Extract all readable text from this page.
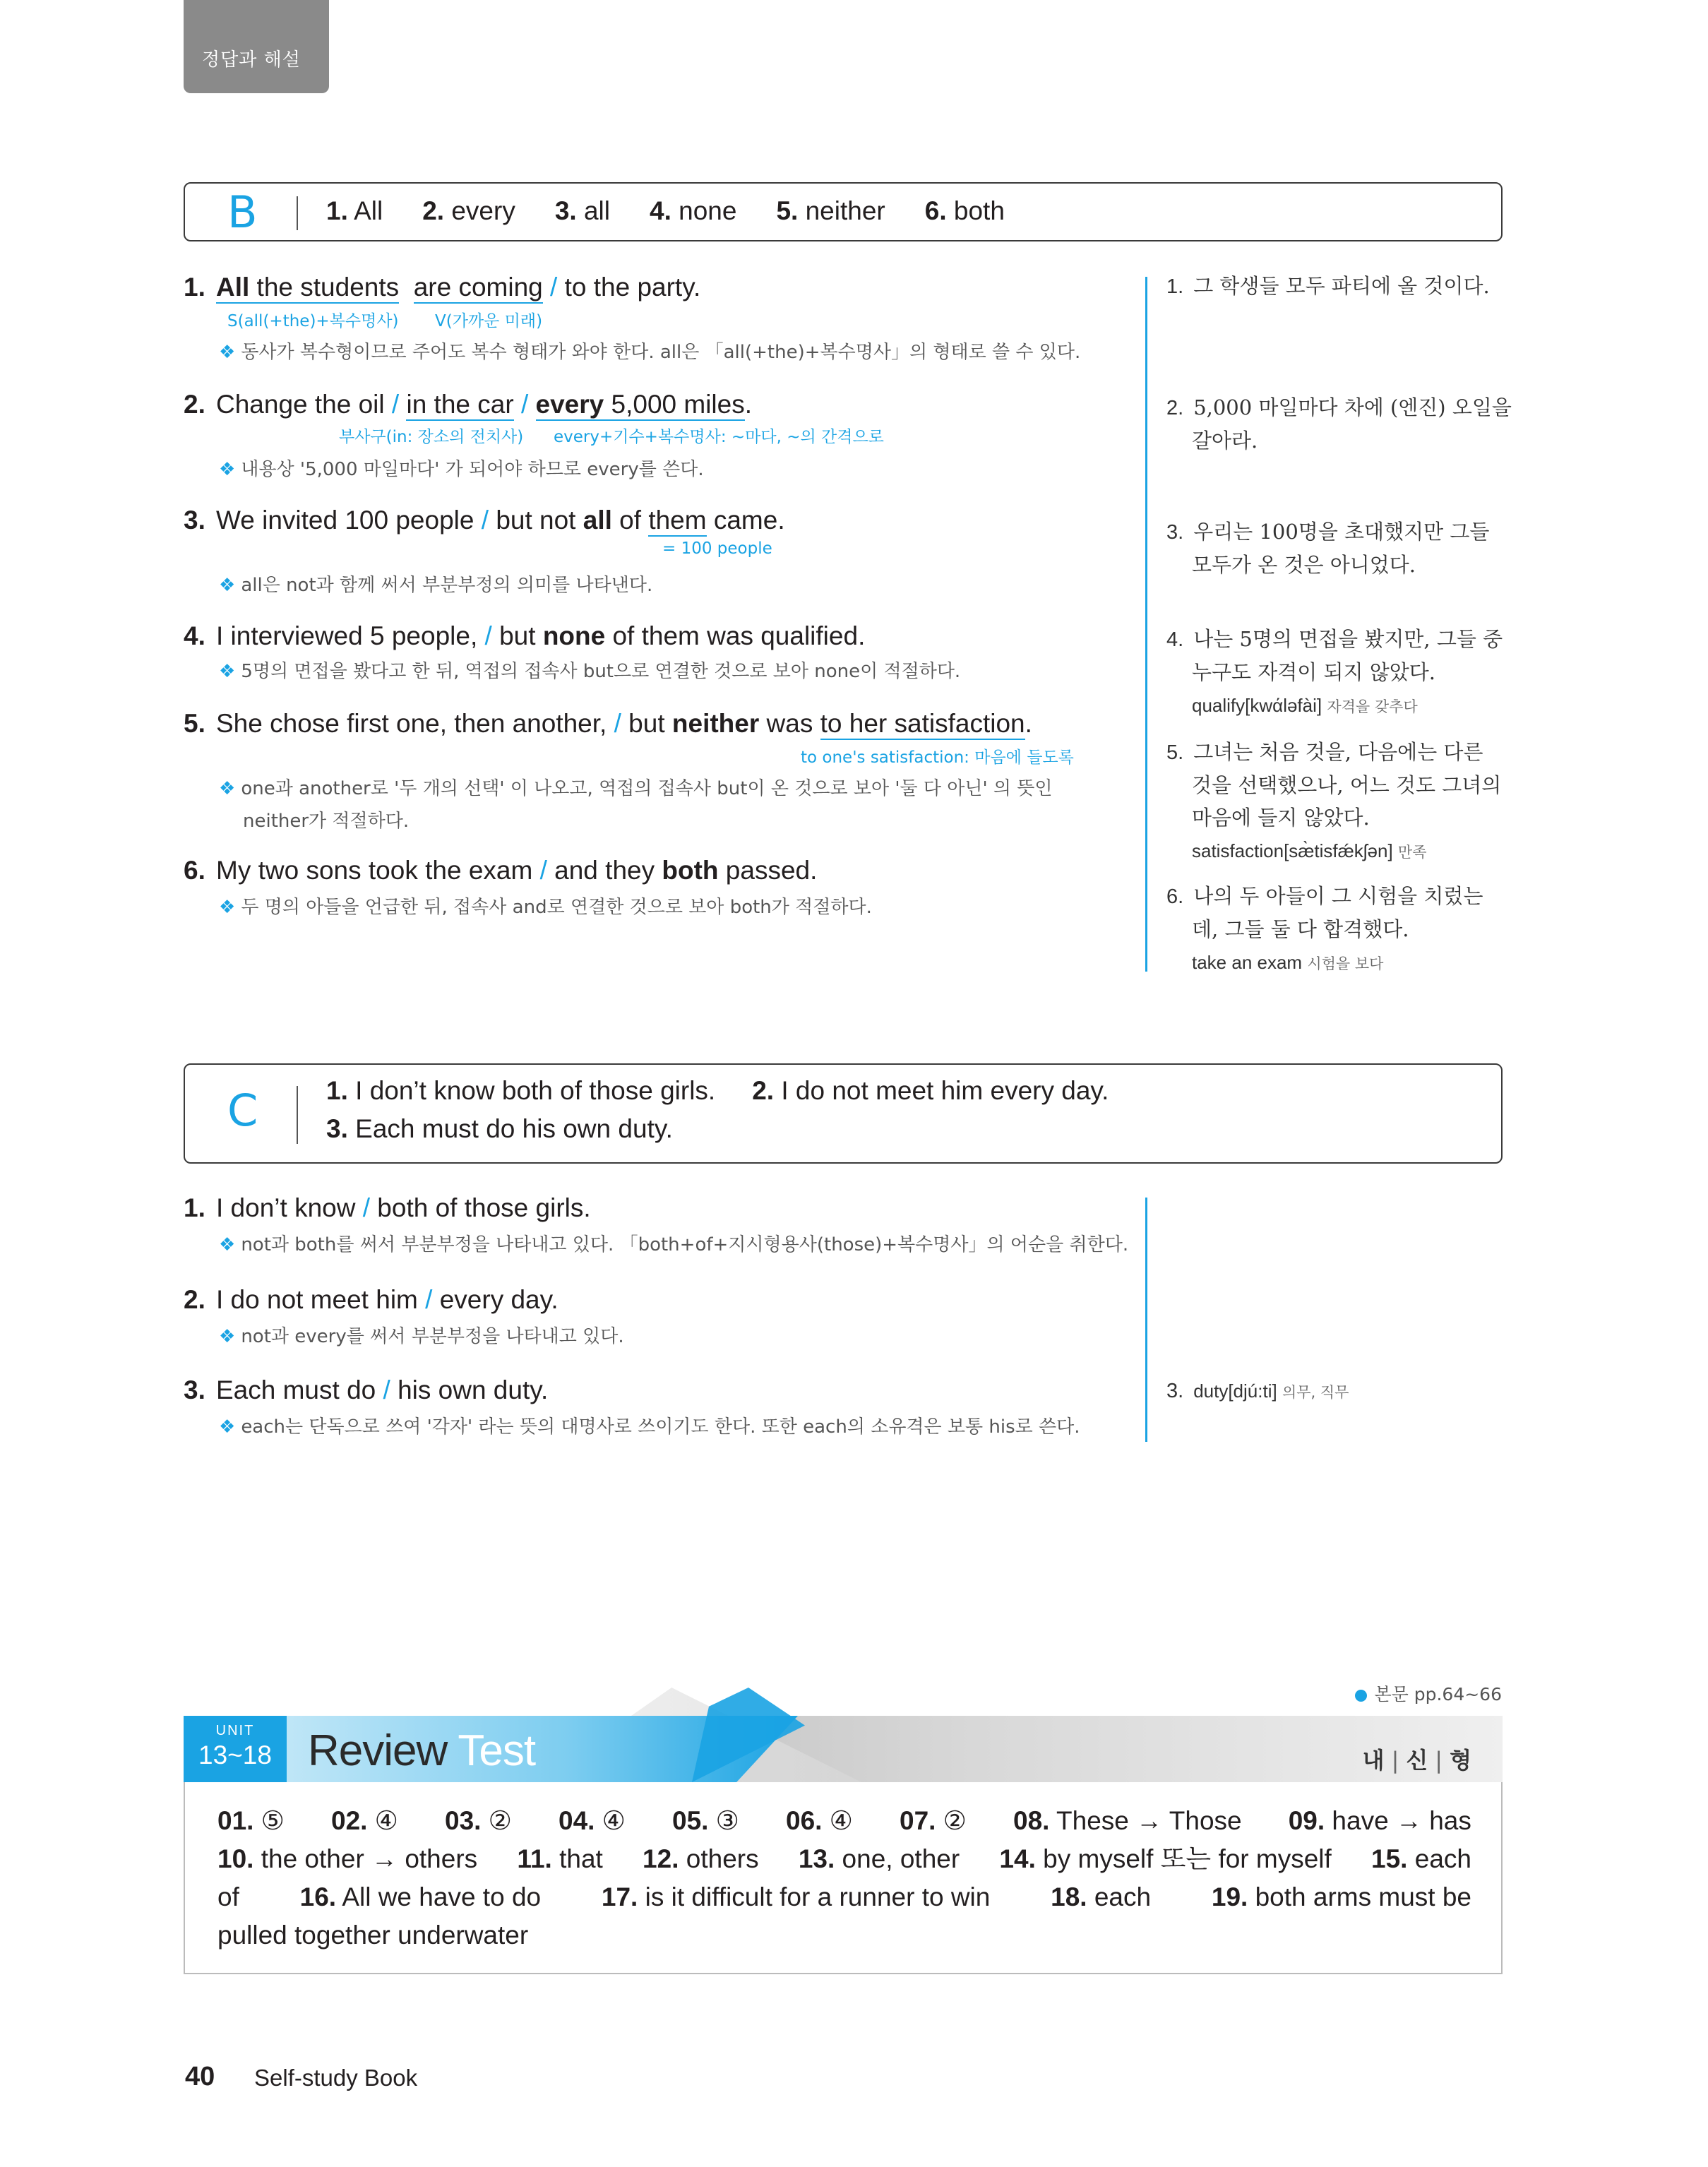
정답과 해설
B	1. All 2. every 3. all 4. none 5. neither 6. both
1. All the students are coming / to the party.
S(all(+the)+복수명사) V(가까운 미래)
❖ 동사가 복수형이므로 주어도 복수 형태가 와야 한다. all은 「all(+the)+복수명사」의 형태로 쓸 수 있다.
2. Change the oil / in the car / every 5,000 miles.
부사구(in: 장소의 전치사) every+기수+복수명사: ~마다, ~의 간격으로
❖ 내용상 '5,000 마일마다' 가 되어야 하므로 every를 쓴다.
3. We invited 100 people / but not all of them came.
= 100 people
❖ all은 not과 함께 써서 부분부정의 의미를 나타낸다.
4. I interviewed 5 people, / but none of them was qualified.
❖ 5명의 면접을 봤다고 한 뒤, 역접의 접속사 but으로 연결한 것으로 보아 none이 적절하다.
5. She chose first one, then another, / but neither was to her satisfaction.
to one's satisfaction: 마음에 들도록
❖ one과 another로 '두 개의 선택' 이 나오고, 역접의 접속사 but이 온 것으로 보아 '둘 다 아닌' 의 뜻인
neither가 적절하다.
6. My two sons took the exam / and they both passed.
❖ 두 명의 아들을 언급한 뒤, 접속사 and로 연결한 것으로 보아 both가 적절하다.
1. 그 학생들 모두 파티에 올 것이다.
2. 5,000 마일마다 차에 (엔진) 오일을

갈아라.
3. 우리는 100명을 초대했지만 그들

모두가 온 것은 아니었다.
4. 나는 5명의 면접을 봤지만, 그들 중

누구도 자격이 되지 않았다.
qualify[kwάləfài] 자격을 갖추다
5. 그녀는 처음 것을, 다음에는 다른

것을 선택했으나, 어느 것도 그녀의
마음에 들지 않았다.
satisfaction[sæ̀tisfǽkʃən] 만족
6. 나의 두 아들이 그 시험을 치렀는

데, 그들 둘 다 합격했다.
take an exam 시험을 보다
C	1. I don’t know both of those girls. 2. I do not meet him every day.
3. Each must do his own duty.
1. I don’t know / both of those girls.
❖ not과 both를 써서 부분부정을 나타내고 있다. 「both+of+지시형용사(those)+복수명사」의 어순을 취한다.
2. I do not meet him / every day.
❖ not과 every를 써서 부분부정을 나타내고 있다.
3. Each must do / his own duty.
❖ each는 단독으로 쓰여 '각자' 라는 뜻의 대명사로 쓰이기도 한다. 또한 each의 소유격은 보통 his로 쓴다.
3. duty[djú:ti] 의무, 직무
본문 pp.64~66
UNIT
13~18 Review Test	내 | 신 | 형
01. ⑤ 02. ④ 03. ② 04. ④ 05. ③ 06. ④ 07. ② 08. These → Those 09. have → has
10. the other → others 11. that 12. others 13. one, other 14. by myself 또는 for myself 15. each
of 16. All we have to do 17. is it difficult for a runner to win 18. each 19. both arms must be
pulled together underwater
40 Self-study Book
